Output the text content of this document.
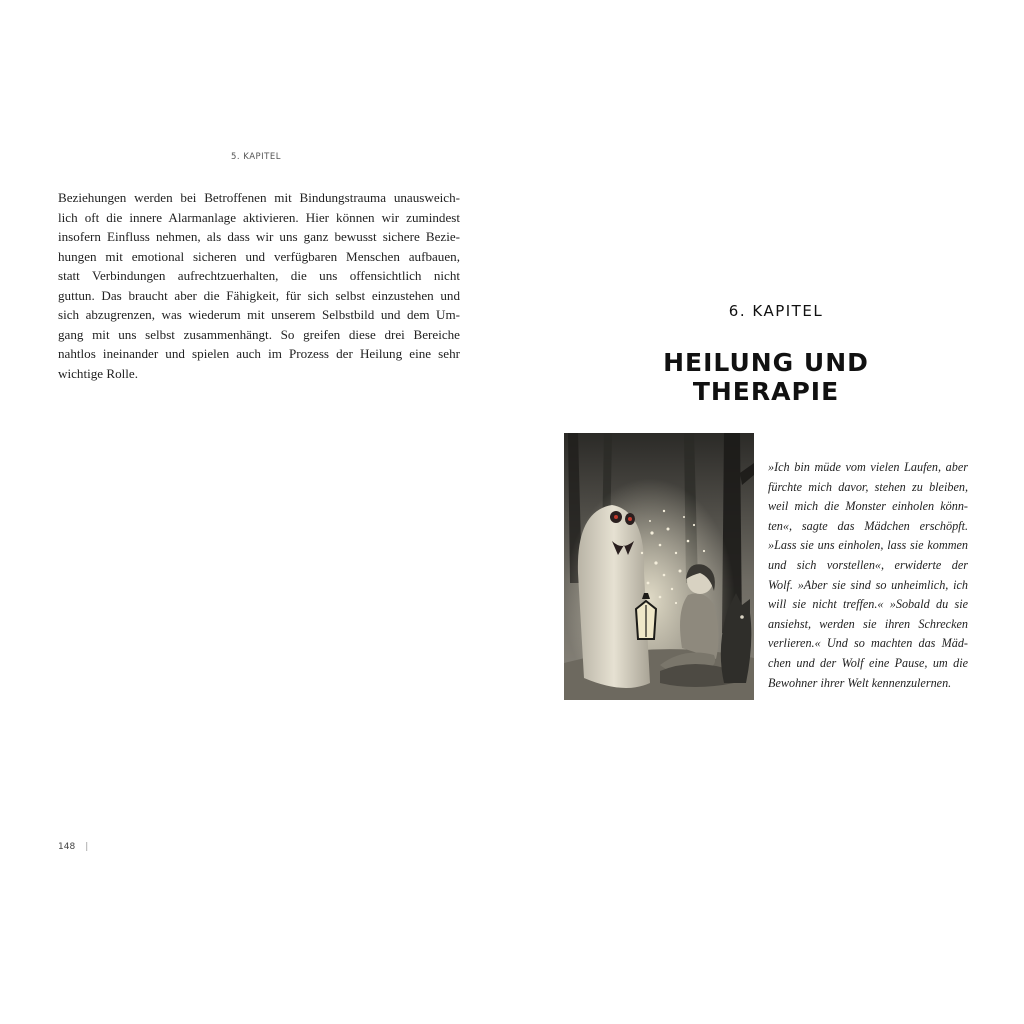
5. KAPITEL

Beziehungen werden bei Betroffenen mit Bindungstrauma unausweich-
lich oft die innere Alarmanlage aktivieren. Hier können wir zumindest
insofern Einfluss nehmen, als dass wir uns ganz bewusst sichere Bezie-
hungen mit emotional sicheren und verfügbaren Menschen aufbauen,
statt Verbindungen aufrechtzuerhalten, die uns offensichtlich nicht
guttun. Das braucht aber die Fähigkeit, für sich selbst einzustehen und
sich abzugrenzen, was wiederum mit unserem Selbstbild und dem Um-
gang mit uns selbst zusammenhängt. So greifen diese drei Bereiche
nahtlos ineinander und spielen auch im Prozess der Heilung eine sehr
wichtige Rolle.

148 |
6. KAPITEL
HEILUNG UND THERAPIE
»Ich bin müde vom vielen Laufen, aber
fürchte mich davor, stehen zu bleiben,
weil mich die Monster einholen könn-
ten«, sagte das Mädchen erschöpft.
»Lass sie uns einholen, lass sie kommen
und sich vorstellen«, erwiderte der
Wolf. »Aber sie sind so unheimlich, ich
will sie nicht treffen.« »Sobald du sie
ansiehst, werden sie ihren Schrecken
verlieren.« Und so machten das Mäd-
chen und der Wolf eine Pause, um die
Bewohner ihrer Welt kennenzulernen.
